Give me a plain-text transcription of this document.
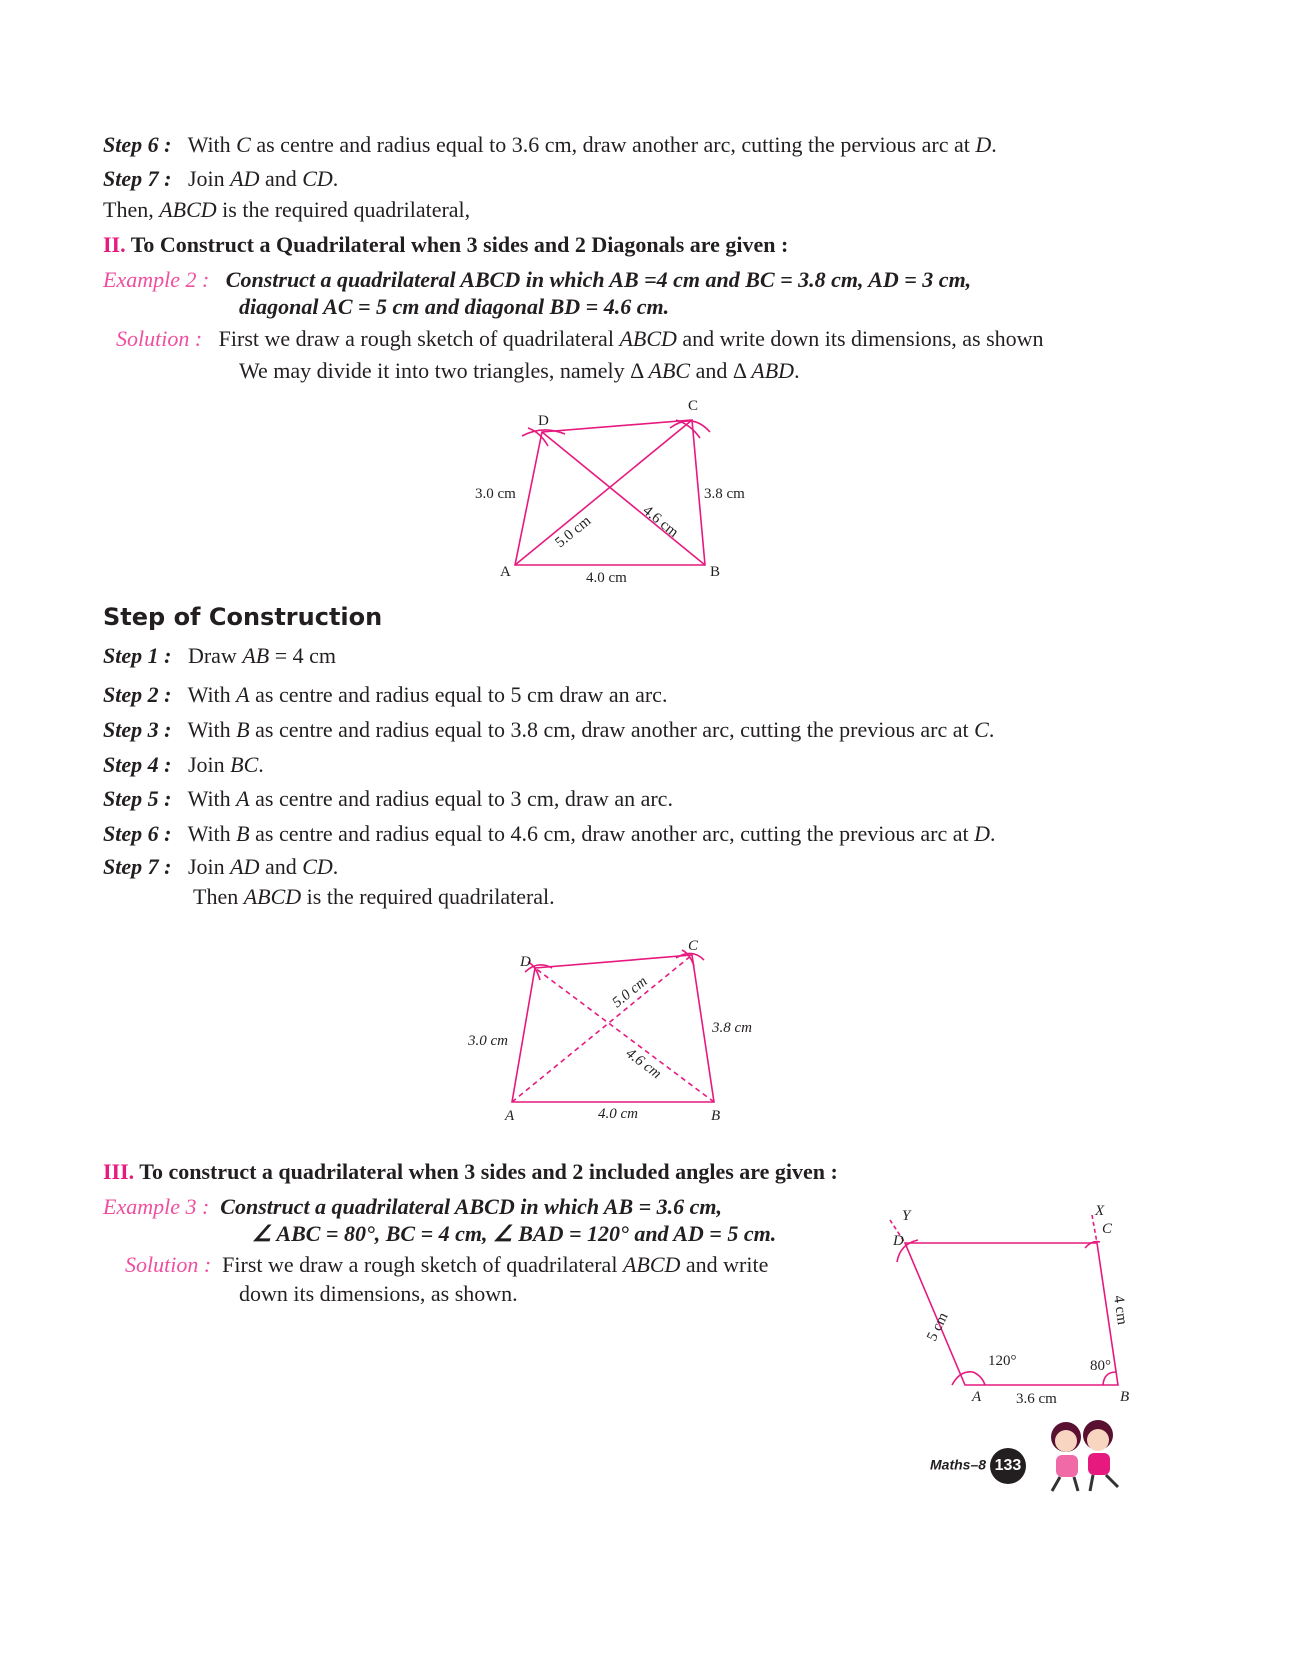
Step 6 : With C as centre and radius equal to 3.6 cm, draw another arc, cutting the pervious arc at D.
Step 7 : Join AD and CD.
Then, ABCD is the required quadrilateral,
II. To Construct a Quadrilateral when 3 sides and 2 Diagonals are given :
Example 2 : Construct a quadrilateral ABCD in which AB =4 cm and BC = 3.8 cm, AD = 3 cm,
diagonal AC = 5 cm and diagonal BD = 4.6 cm.
Solution : First we draw a rough sketch of quadrilateral ABCD and write down its dimensions, as shown
We may divide it into two triangles, namely Δ ABC and Δ ABD.
A	B
C
D
3.0 cm	3.8 cm
4.0 cm
5.0 cm	4.6 cm
A	B
C
D
3.0 cm
3.8 cm
4.0 cm
5.0 cm
4.6 cm
A	B
C
D
X
Y
5 cm
4 cm
3.6 cm
120°	80°
Step of Construction
Step 1 : Draw AB = 4 cm
Step 2 : With A as centre and radius equal to 5 cm draw an arc.
Step 3 : With B as centre and radius equal to 3.8 cm, draw another arc, cutting the previous arc at C.
Step 4 : Join BC.
Step 5 : With A as centre and radius equal to 3 cm, draw an arc.
Step 6 : With B as centre and radius equal to 4.6 cm, draw another arc, cutting the previous arc at D.
Step 7 : Join AD and CD.
Then ABCD is the required quadrilateral.
III. To construct a quadrilateral when 3 sides and 2 included angles are given :
Example 3 : Construct a quadrilateral ABCD in which AB = 3.6 cm,
∠ ABC = 80°, BC = 4 cm, ∠ BAD = 120° and AD = 5 cm.
Solution : First we draw a rough sketch of quadrilateral ABCD and write
down its dimensions, as shown.
Maths–8 133
